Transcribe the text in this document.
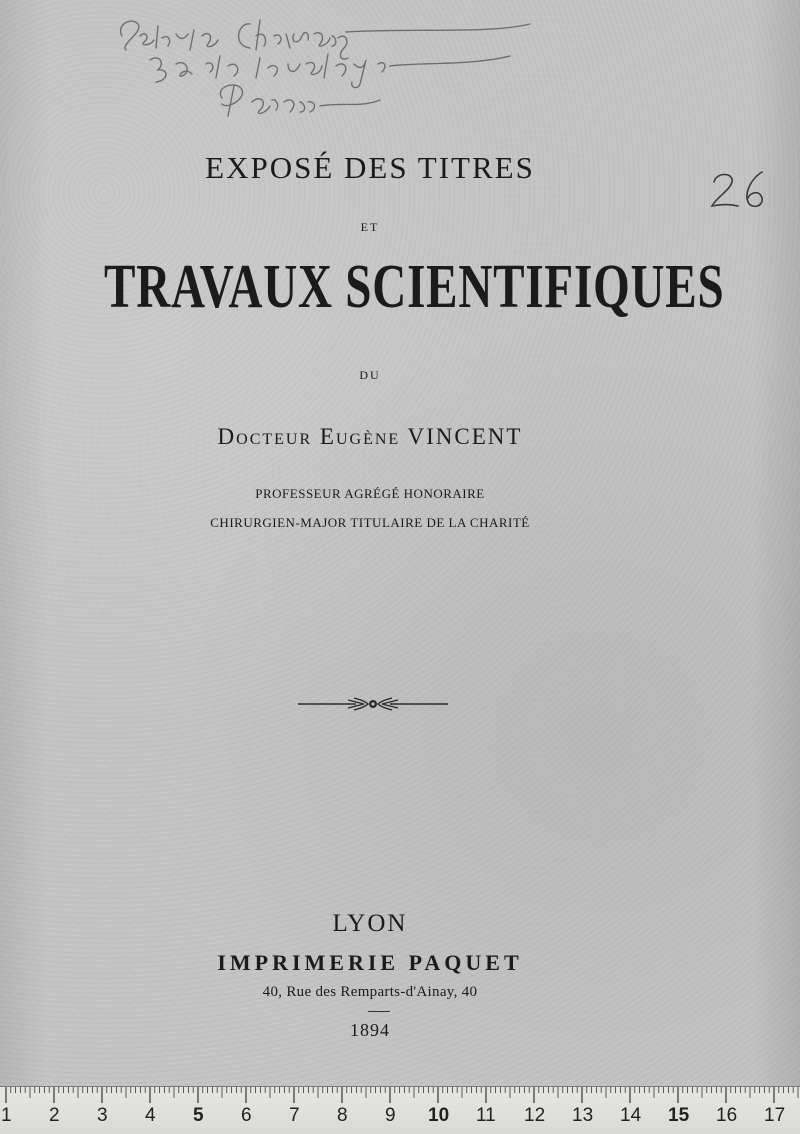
EXPOSÉ DES TITRES
ET
TRAVAUX SCIENTIFIQUES
DU
Docteur Eugène VINCENT
PROFESSEUR AGRÉGÉ HONORAIRE
CHIRURGIEN-MAJOR TITULAIRE DE LA CHARITÉ
LYON
IMPRIMERIE PAQUET
40, Rue des Remparts-d'Ainay, 40
1894
1 2 3 4 5 6 7 8 9 10 11 12 13 14 15 16 17
